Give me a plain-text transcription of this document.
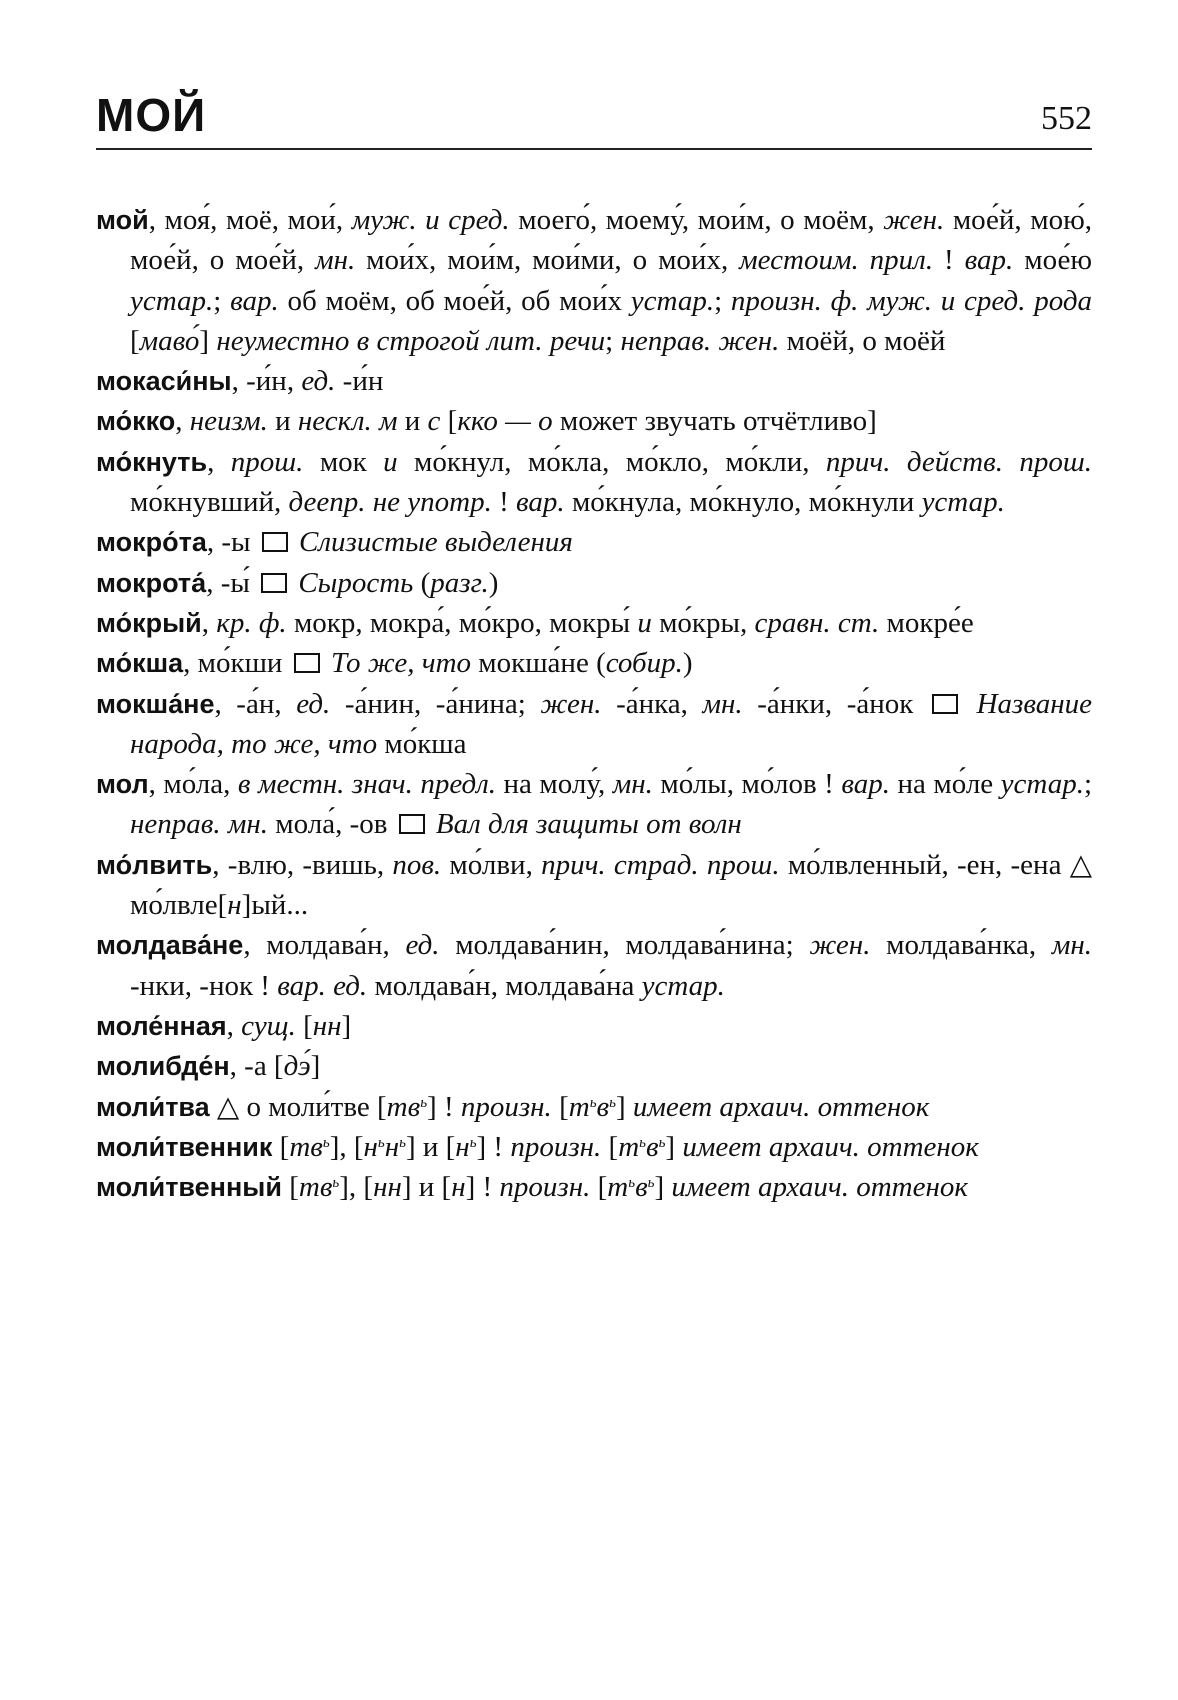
МОЙ	552

мой, моя́, моё, мои́, муж. и сред. моего́, моему́, мои́м, о моём, жен. мое́й, мою́, мое́й, о мое́й, мн. мои́х, мои́м, мои́ми, о мои́х, местоим. прил. ! вар. мое́ю устар.; вар. об моём, об мое́й, об мои́х устар.; произн. ф. муж. и сред. рода [маво́] неуместно в строгой лит. речи; неправ. жен. моёй, о моёй

мокаси́ны, -и́н, ед. -и́н

мо́кко, неизм. и нескл. м и с [кко — о может звучать отчётливо]

мо́кнуть, прош. мок и мо́кнул, мо́кла, мо́кло, мо́кли, прич. действ. прош. мо́кнувший, деепр. не употр. ! вар. мо́кнула, мо́кнуло, мо́кнули устар.

мокро́та, -ы  Слизистые выделения

мокрота́, -ы́  Сырость (разг.)

мо́крый, кр. ф. мокр, мокра́, мо́кро, мокры́ и мо́кры, сравн. ст. мокре́е

мо́кша, мо́кши  То же, что мокша́не (собир.)

мокша́не, -а́н, ед. -а́нин, -а́нина; жен. -а́нка, мн. -а́нки, -а́нок  Название народа, то же, что мо́кша

мол, мо́ла, в местн. знач. предл. на молу́, мн. мо́лы, мо́лов ! вар. на мо́ле устар.; неправ. мн. мола́, -ов  Вал для защиты от волн

мо́лвить, -влю, -вишь, пов. мо́лви, прич. страд. прош. мо́лвленный, -ен, -ена △ мо́лвле[н]ый...

молдава́не, молдава́н, ед. молдава́нин, молдава́нина; жен. молдава́нка, мн. -нки, -нок ! вар. ед. молдава́н, молдава́на устар.

моле́нная, сущ. [нн]

молибде́н, -а [дэ́]

моли́тва △ о моли́тве $[тв^ь]$ ! произн. $[т^ьв^ь]$ имеет архаич. оттенок

моли́твенник $[тв^ь]$, $[н^ьн^ь]$ и $[н^ь]$ ! произн. $[т^ьв^ь]$ имеет архаич. оттенок

моли́твенный $[тв^ь]$, [нн] и [н] ! произн. $[т^ьв^ь]$ имеет архаич. оттенок
